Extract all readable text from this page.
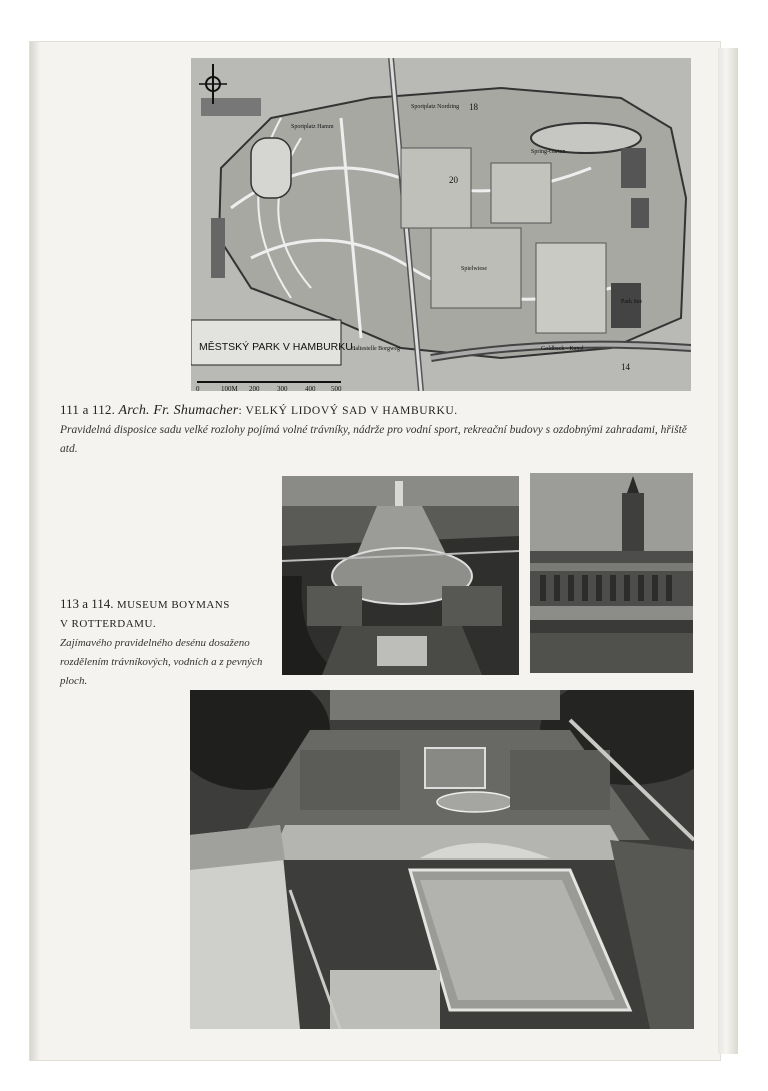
MĚSTSKÝ PARK V HAMBURKU.
0	100M 200	300	400 500
Sportplatz Hamm
Sportplatz Nordring
Spring-Garten
Spielwiese
Haltestelle Borgweg
Park See
Goldbeck - Kanal
18
20
14
111 a 112. Arch. Fr. Shumacher: VELKÝ LIDOVÝ SAD V HAMBURKU.
Pravidelná disposice sadu velké rozlohy pojímá volné trávníky, nádrže pro vodní sport, rekreační budovy s ozdobnými zahradami, hřiště atd.
113 a 114. MUSEUM BOYMANS
V ROTTERDAMU.
Zajímavého pravidelného desénu dosaženo rozdělením trávníkových, vodních a z pevných ploch.
